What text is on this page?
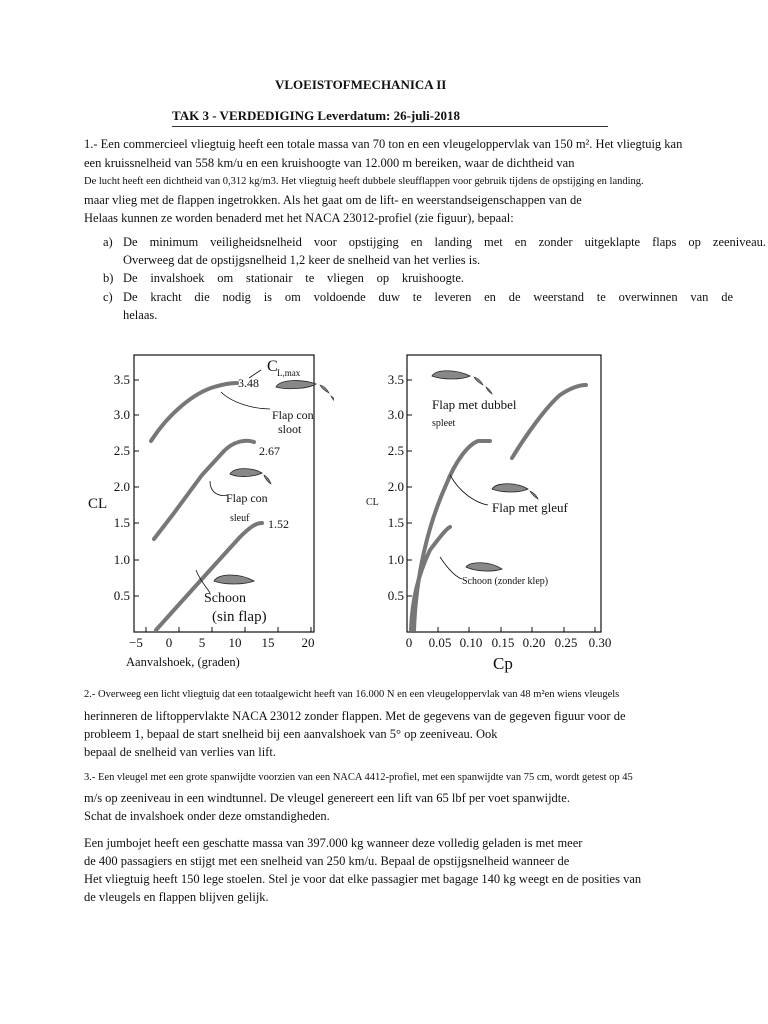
VLOEISTOFMECHANICA II
TAK 3 - VERDEDIGING Leverdatum: 26-juli-2018
1.- Een commercieel vliegtuig heeft een totale massa van 70 ton en een vleugeloppervlak van 150 m². Het vliegtuig kan
een kruissnelheid van 558 km/u en een kruishoogte van 12.000 m bereiken, waar de dichtheid van
De lucht heeft een dichtheid van 0,312 kg/m3. Het vliegtuig heeft dubbele sleufflappen voor gebruik tijdens de opstijging en landing.
maar vlieg met de flappen ingetrokken. Als het gaat om de lift- en weerstandseigenschappen van de
Helaas kunnen ze worden benaderd met het NACA 23012-profiel (zie figuur), bepaal:
a) De minimum veiligheidsnelheid voor opstijging en landing met en zonder uitgeklapte flaps op zeeniveau.
Overweeg dat de opstijgsnelheid 1,2 keer de snelheid van het verlies is.
b) De invalshoek om stationair te vliegen op kruishoogte.
c) De kracht die nodig is om voldoende duw te leveren en de weerstand te overwinnen van de
helaas.
3.5
3.0
2.5
2.0
1.5
1.0
0.5
−5 0 5 10 15 20
CL
Aanvalshoek, (graden)
C L,max
3.48
Flap con
sloot
2.67
Flap con
sleuf 1.52
Schoon
(sin flap)
3.5
3.0
2.5
2.0
1.5
1.0
0.5
0 0.05 0.10 0.15 0.20 0.25 0.30
CL
Cp
Flap met dubbel
spleet
Flap met gleuf
Schoon (zonder klep)
2.- Overweeg een licht vliegtuig dat een totaalgewicht heeft van 16.000 N en een vleugeloppervlak van 48 m²en wiens vleugels
herinneren de liftoppervlakte NACA 23012 zonder flappen. Met de gegevens van de gegeven figuur voor de
probleem 1, bepaal de start snelheid bij een aanvalshoek van 5° op zeeniveau. Ook
bepaal de snelheid van verlies van lift.
3.- Een vleugel met een grote spanwijdte voorzien van een NACA 4412-profiel, met een spanwijdte van 75 cm, wordt getest op 45
m/s op zeeniveau in een windtunnel. De vleugel genereert een lift van 65 lbf per voet spanwijdte.
Schat de invalshoek onder deze omstandigheden.
Een jumbojet heeft een geschatte massa van 397.000 kg wanneer deze volledig geladen is met meer
de 400 passagiers en stijgt met een snelheid van 250 km/u. Bepaal de opstijgsnelheid wanneer de
Het vliegtuig heeft 150 lege stoelen. Stel je voor dat elke passagier met bagage 140 kg weegt en de posities van
de vleugels en flappen blijven gelijk.
